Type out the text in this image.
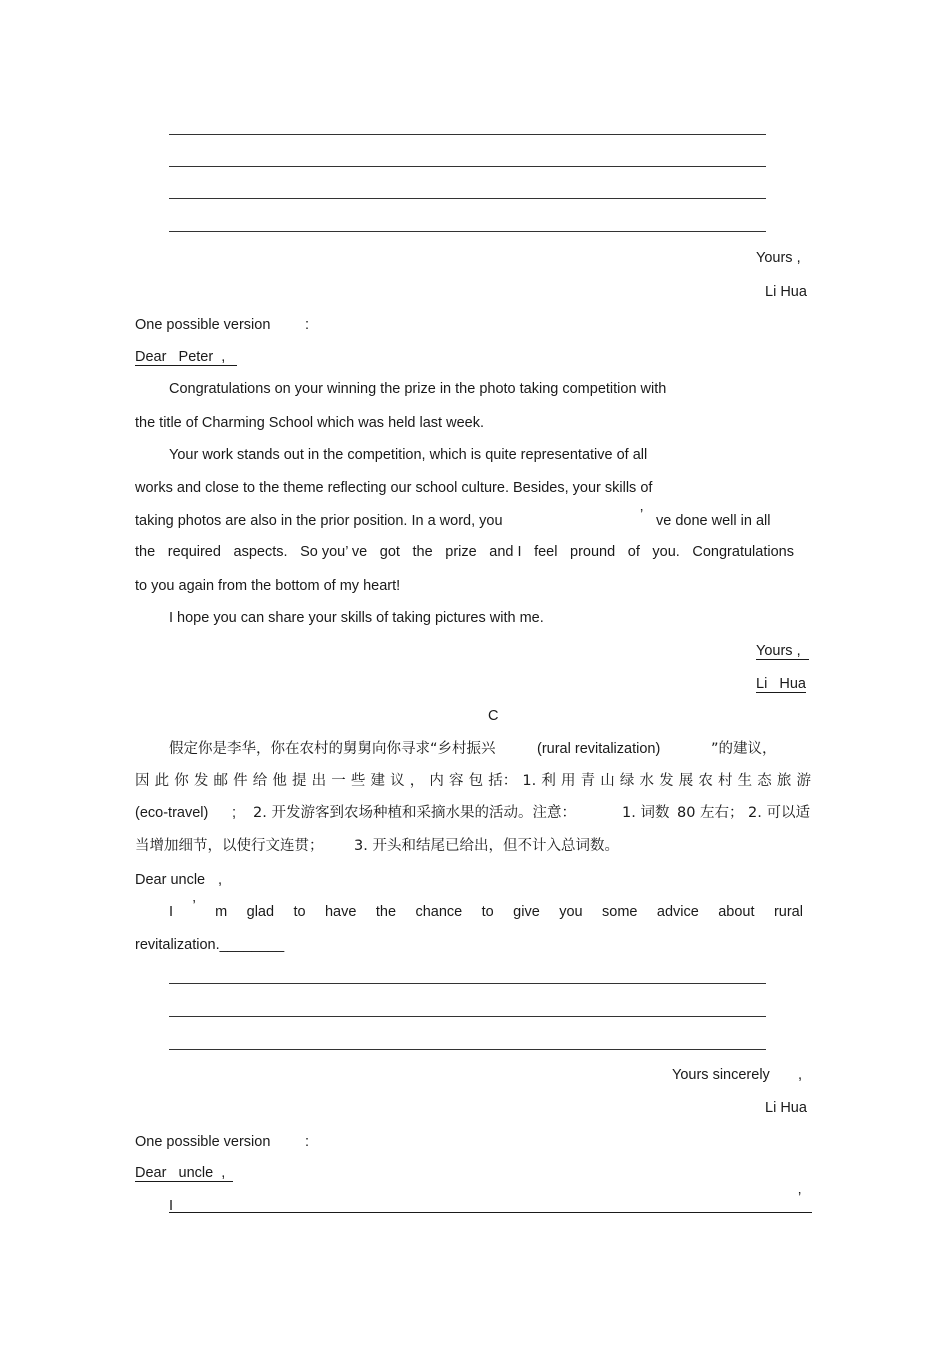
Yours ,
Li Hua
One possible version :
Dear Peter ,
Congratulations on your winning the prize in the photo taking competition with
the title of Charming School which was held last week.
Your work stands out in the competition, which is quite representative of all
works and close to the theme reflecting our school culture. Besides, your skills of
taking photos are also in the prior position. In a word, you	’ ve done well in all
the required aspects. So you’ ve got the prize and I feel pround of you. Congratulations
to you again from the bottom of my heart!
I hope you can share your skills of taking pictures with me.
Yours ,
Li Hua
C
假定你是李华，你在农村的舅舅向你寻求“乡村振兴	(rural revitalization)	”的建议，
因 此 你 发 邮 件 给 他 提 出 一 些 建 议 ， 内 容 包 括： 1. 利 用 青 山 绿 水 发 展 农 村 生 态 旅 游
(eco-travel) ; 2. 开发游客到农场种植和采摘水果的活动。注意：	1. 词数 80 左右； 2. 可以适
当增加细节，以使行文连贯； 3. 开头和结尾已给出，但不计入总词数。
Dear uncle ,
I ’ m glad to have the chance to give you some advice about rural
revitalization.________
Yours sincerely ,
Li Hua
One possible version :
Dear uncle ,
I	’
